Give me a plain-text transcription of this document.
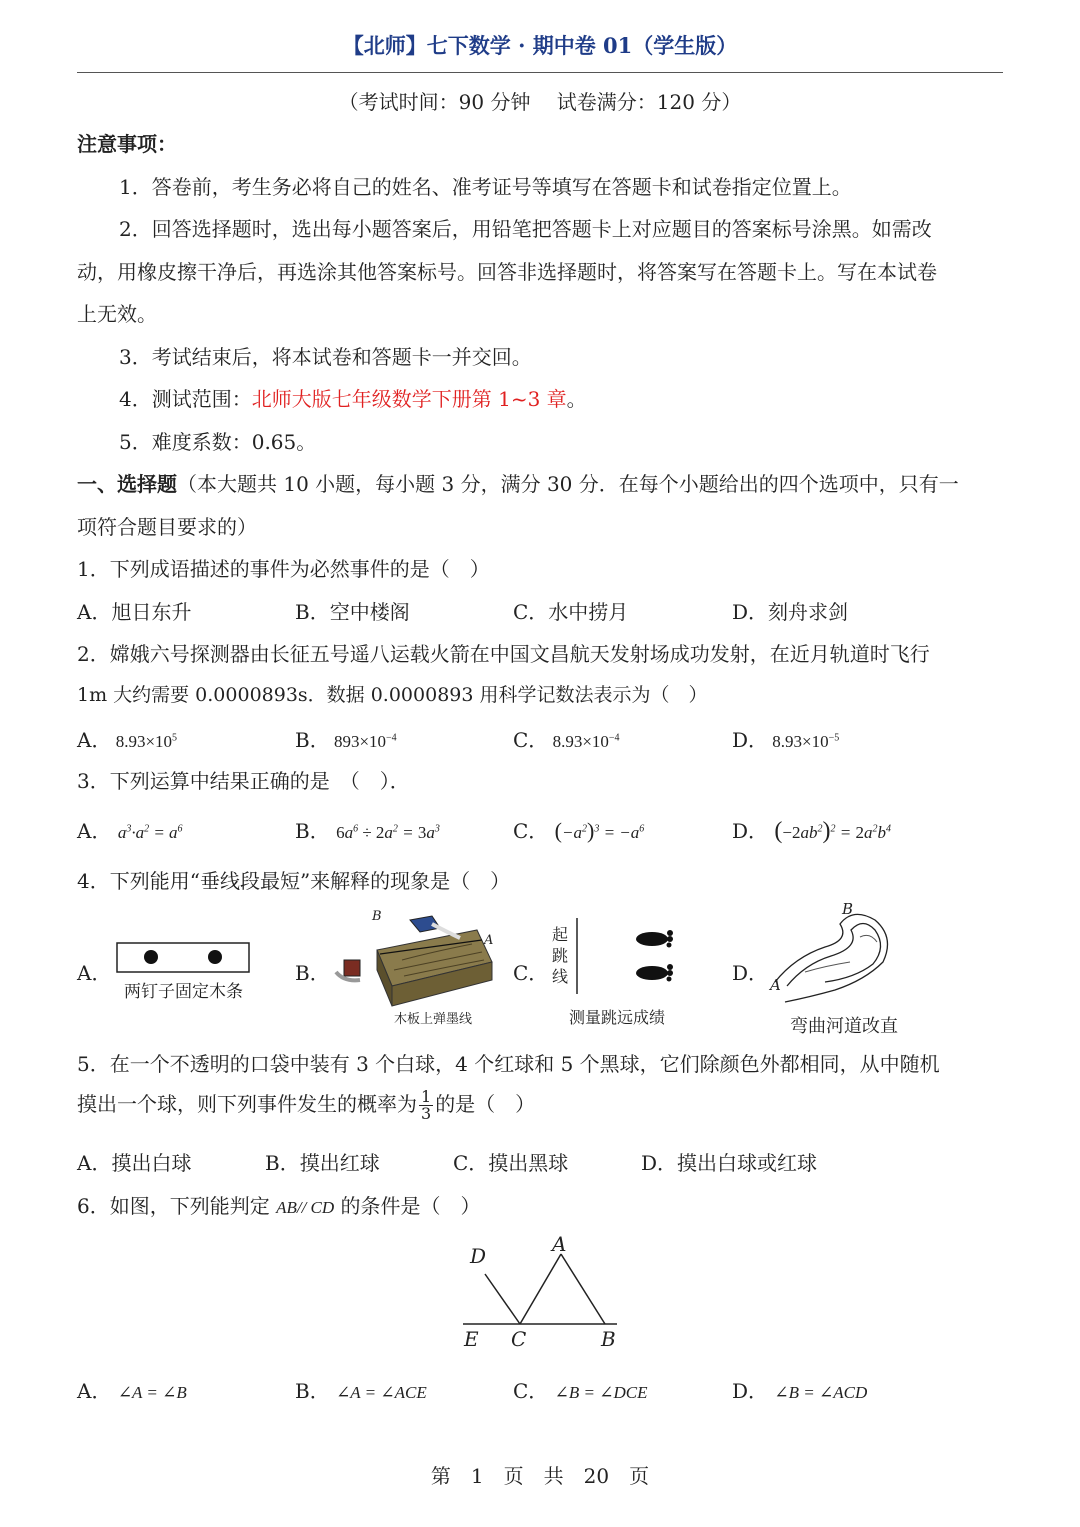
【北师】七下数学 · 期中卷 01（学生版）
（考试时间：90 分钟　 试卷满分：120 分）
注意事项：
1．答卷前，考生务必将自己的姓名、准考证号等填写在答题卡和试卷指定位置上。
2．回答选择题时，选出每小题答案后，用铅笔把答题卡上对应题目的答案标号涂黑。如需改
动，用橡皮擦干净后，再选涂其他答案标号。回答非选择题时，将答案写在答题卡上。写在本试卷
上无效。
3．考试结束后，将本试卷和答题卡一并交回。
4．测试范围：北师大版七年级数学下册第 1~3 章。
5．难度系数：0.65。
一、选择题（本大题共 10 小题，每小题 3 分，满分 30 分．在每个小题给出的四个选项中，只有一
项符合题目要求的）
1．下列成语描述的事件为必然事件的是（　）
A．旭日东升	B．空中楼阁	C．水中捞月	D．刻舟求剑
2．嫦娥六号探测器由长征五号遥八运载火箭在中国文昌航天发射场成功发射，在近月轨道时飞行
1m 大约需要 0.0000893s．数据 0.0000893 用科学记数法表示为（　）
A． $8.93\times 10^5$	B． $893\times 10^{-4}$	C． $8.93\times 10^{-4}$	D． $8.93\times 10^{-5}$
3．下列运算中结果正确的是　（　）．
A． $a^3\cdot a^2 = a^6$	B． $6a^6 \div 2a^2 = 3a^3$	C． $(-a^2)^3 = -a^6$	D． $(-2ab^2)^2 = 2a^2b^4$
4．下列能用“垂线段最短”来解释的现象是（　）
A．	B．	C．	D．
两钉子固定木条
B
A
木板上弹墨线
起
跳
线
测量跳远成绩
B
A
弯曲河道改直
5．在一个不透明的口袋中装有 3 个白球，4 个红球和 5 个黑球，它们除颜色外都相同，从中随机
摸出一个球，则下列事件发生的概率为 $\frac{1}{3}$ 的是（　）
A．摸出白球	B．摸出红球	C．摸出黑球	D．摸出白球或红球
6．如图，下列能判定 AB// CD 的条件是（　）
D	A
E C	B
A． ∠A = ∠B	B． ∠A = ∠ACE	C． ∠B = ∠DCE	D． ∠B = ∠ACD
第　1　页　共　20　页
